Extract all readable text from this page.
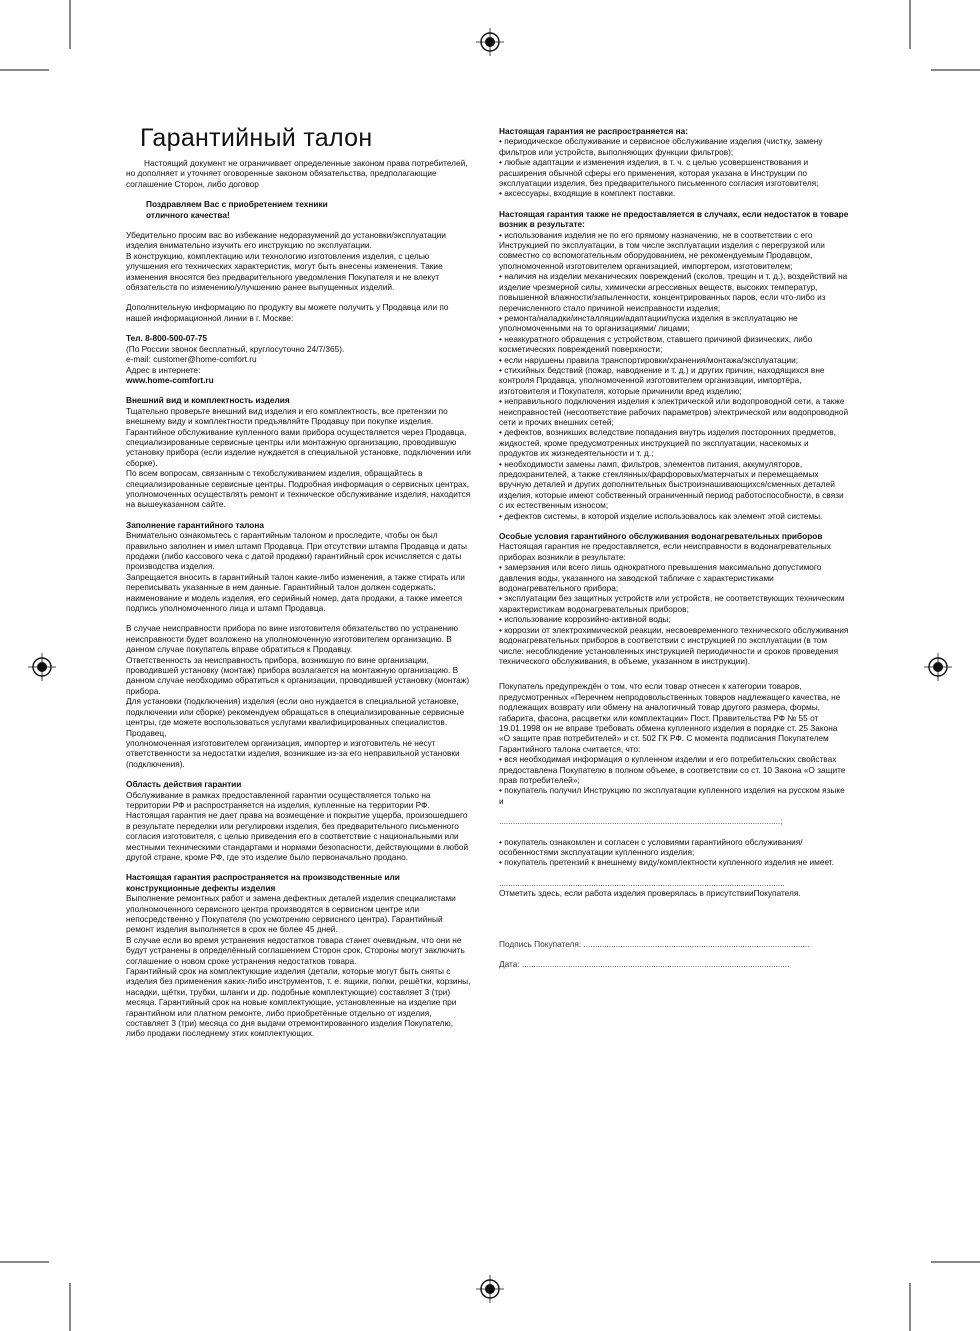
Гарантийный талон

Настоящий документ не ограничивает определенные законом права потребителей, но дополняет и уточняет оговоренные законом обязательства, предполагающие соглашение Сторон, либо договор

Поздравляем Вас с приобретением техники

отличного качества!

Убедительно просим вас во избежание недоразумений до установки/эксплуатации изделия внимательно изучить его инструкцию по эксплуатации.

В конструкцию, комплектацию или технологию изготовления изделия, с целью улучшения его технических характеристик, могут быть внесены изменения. Такие изменения вносятся без предварительного уведомления Покупателя и не влекут обязательств по изменению/улучшению ранее выпущенных изделий.

Дополнительную информацию по продукту вы можете получить у Продавца или по нашей информационной линии в г. Москве:

Тел. 8-800-500-07-75

(По России звонок бесплатный, круглосуточно 24/7/365).

e-mail: customer@home-comfort.ru

Адрес в интернете:

www.home-comfort.ru

Внешний вид и комплектность изделия

Тщательно проверьте внешний вид изделия и его комплектность, все претензии по внешнему виду и комплектности предъявляйте Продавцу при покупке изделия. Гарантийное обслуживание купленного вами прибора осуществляется через Продавца, специализированные сервисные центры или монтажную организацию, проводившую установку прибора (если изделие нуждается в специальной установке, подключении или сборке).

По всем вопросам, связанным с техобслуживанием изделия, обращайтесь в специализированные сервисные центры. Подробная информация о сервисных центрах, уполномоченных осуществлять ремонт и техническое обслуживание изделия, находится на вышеуказанном сайте.

Заполнение гарантийного талона

Внимательно ознакомьтесь с гарантийным талоном и проследите, чтобы он был правильно заполнен и имел штамп Продавца. При отсутствии штампа Продавца и даты продажи (либо кассового чека с датой продажи) гарантийный срок исчисляется с даты производства изделия.

Запрещается вносить в гарантийный талон какие-либо изменения, а также стирать или переписывать указанные в нем данные. Гарантийный талон должен содержать: наименование и модель изделия, его серийный номер, дата продажи, а также имеется подпись уполномоченного лица и штамп Продавца.

В случае неисправности прибора по вине изготовителя обязательство по устранению неисправности будет возложено на уполномоченную изготовителем организацию. В данном случае покупатель вправе обратиться к Продавцу.

Ответственность за неисправность прибора, возникшую по вине организации, проводившей установку (монтаж) прибора возлагается на монтажную организацию. В данном случае необходимо обратиться к организации, проводившей установку (монтаж) прибора.

Для установки (подключения) изделия (если оно нуждается в специальной установке, подключении или сборке) рекомендуем обращаться в специализированные сервисные центры, где можете воспользоваться услугами квалифицированных специалистов. Продавец,

уполномоченная изготовителем организация, импортер и изготовитель не несут ответственности за недостатки изделия, возникшие из-за его неправильной установки (подключения).

Область действия гарантии

Обслуживание в рамках предоставленной гарантии осуществляется только на территории РФ и распространяется на изделия, купленные на территории РФ.

Настоящая гарантия не дает права на возмещение и покрытие ущерба, произошедшего в результате переделки или регулировки изделия, без предварительного письменного согласия изготовителя, с целью приведения его в соответствие с национальными или местными техническими стандартами и нормами безопасности, действующими в любой другой стране, кроме РФ, где это изделие было первоначально продано.

Настоящая гарантия распространяется на производственные или конструкционные дефекты изделия

Выполнение ремонтных работ и замена дефектных деталей изделия специалистами уполномоченного сервисного центра производятся в сервисном центре или непосредственно у Покупателя (по усмотрению сервисного центра). Гарантийный ремонт изделия выполняется в срок не более 45 дней.

В случае если во время устранения недостатков товара станет очевидным, что они не будут устранены в определённый соглашением Сторон срок, Стороны могут заключить соглашение о новом сроке устранения недостатков товара.

Гарантийный срок на комплектующие изделия (детали, которые могут быть сняты с изделия без применения каких-либо инструментов, т. е. ящики, полки, решётки, корзины, насадки, щётки, трубки, шланги и др. подобные комплектующие) составляет 3 (три) месяца. Гарантийный срок на новые комплектующие, установленные на изделие при гарантийном или платном ремонте, либо приобретённые отдельно от изделия, составляет 3 (три) месяца со дня выдачи отремонтированного изделия Покупателю, либо продажи последнему этих комплектующих.

Настоящая гарантия не распространяется на:

• периодическое обслуживание и сервисное обслуживание изделия (чистку, замену фильтров или устройств, выполняющих функции фильтров);

• любые адаптации и изменения изделия, в т. ч. с целью усовершенствования и расширения обычной сферы его применения, которая указана в Инструкции по эксплуатации изделия, без предварительного письменного согласия изготовителя;

• аксессуары, входящие в комплект поставки.

Настоящая гарантия также не предоставляется в случаях, если недостаток в товаре возник в результате:

• использования изделия не по его прямому назначению, не в соответствии с его Инструкцией по эксплуатации, в том числе эксплуатации изделия с перегрузкой или совместно со вспомогательным оборудованием, не рекомендуемым Продавцом, уполномоченной изготовителем организацией, импортером, изготовителем;

• наличия на изделии механических повреждений (сколов, трещин и т. д.), воздействий на изделие чрезмерной силы, химически агрессивных веществ, высоких температур, повышенной влажности/запыленности, концентрированных паров, если что-либо из перечисленного стало причиной неисправности изделия;

• ремонта/наладки/инсталляции/адаптации/пуска изделия в эксплуатацию не уполномоченными на то организациями/ лицами;

• неаккуратного обращения с устройством, ставшего причиной физических, либо косметических повреждений поверхности;

• если нарушены правила транспортировки/хранения/монтажа/эксплуатации;

• стихийных бедствий (пожар, наводнение и т. д.) и других причин, находящихся вне контроля Продавца, уполномоченной изготовителем организации, импортёра, изготовителя и Покупателя, которые причинили вред изделию;

• неправильного подключения изделия к электрической или водопроводной сети, а также неисправностей (несоответствие рабочих параметров) электрической или водопроводной сети и прочих внешних сетей;

• дефектов, возникших вследствие попадания внутрь изделия посторонних предметов, жидкостей, кроме предусмотренных инструкцией по эксплуатации, насекомых и продуктов их жизнедеятельности и т. д.;

• необходимости замены ламп, фильтров, элементов питания, аккумуляторов, предохранителей, а также стеклянных/фарфоровых/матерчатых и перемещаемых вручную деталей и других дополнительных быстроизнашивающихся/сменных деталей изделия, которые имеют собственный ограниченный период работоспособности, в связи с их естественным износом;

• дефектов системы, в которой изделие использовалось как элемент этой системы.

Особые условия гарантийного обслуживания водонагревательных приборов

Настоящая гарантия не предоставляется, если неисправности в водонагревательных приборах возникли в результате:

• замерзания или всего лишь однократного превышения максимально допустимого давления воды, указанного на заводской табличке с характеристиками водонагревательного прибора;

• эксплуатации без защитных устройств или устройств, не соответствующих техническим характеристикам водонагревательных приборов;

• использование коррозийно-активной воды;

• коррозии от электрохимической реакции, несвоевременного технического обслуживания водонагревательных приборов в соответствии с инструкцией по эксплуатации (в том числе: несоблюдение установленных инструкцией периодичности и сроков проведения технического обслуживания, в объеме, указанном в инструкции).

Покупатель предупреждён о том, что если товар отнесен к категории товаров, предусмотренных «Перечнем непродовольственных товаров надлежащего качества, не подлежащих возврату или обмену на аналогичный товар другого размера, формы, габарита, фасона, расцветки или комплектации» Пост. Правительства РФ № 55 от 19.01.1998 он не вправе требовать обмена купленного изделия в порядке ст. 25 Закона «О защите прав потребителей» и ст. 502 ГК РФ. С момента подписания Покупателем Гарантийного талона считается, что:

• вся необходимая информация о купленном изделии и его потребительских свойствах предоставлена Покупателю в полном объеме, в соответствии со ст. 10 Закона «О защите прав потребителей»;

• покупатель получил Инструкцию по эксплуатации купленного изделия на русском языке и

..........................................................................................................................;

• покупатель ознакомлен и согласен с условиями гарантийного обслуживания/особенностями эксплуатации купленного изделия;

• покупатель претензий к внешнему виду/комплектности купленного изделия не имеет.

............................................................................................................................

Отметить здесь, если работа изделия проверялась в присутствииПокупателя.

Подпись Покупателя: ..................................................................................................

Дата: ....................................................................................................................
